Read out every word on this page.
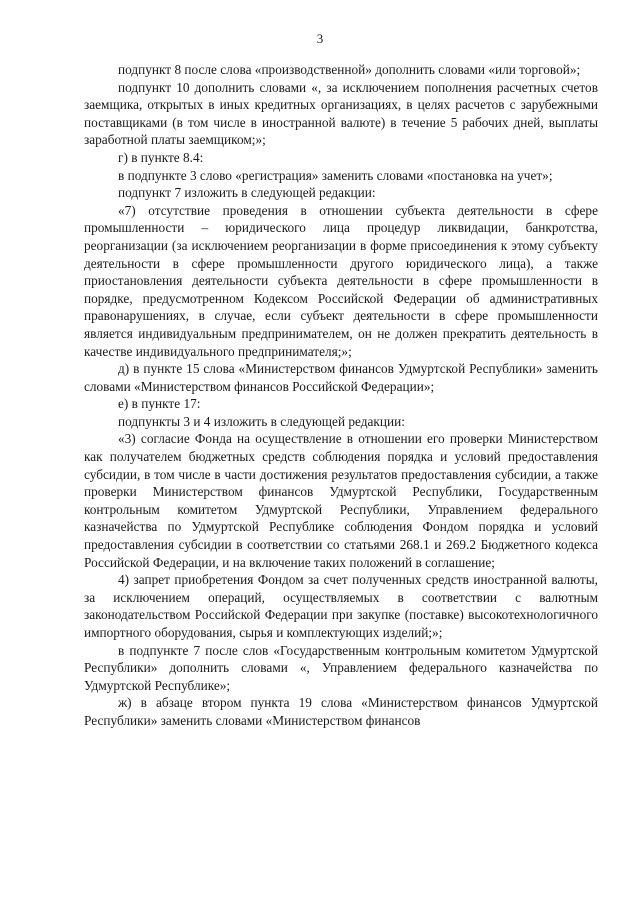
3

подпункт 8 после слова «производственной» дополнить словами «или торговой»;

подпункт 10 дополнить словами «, за исключением пополнения расчетных счетов заемщика, открытых в иных кредитных организациях, в целях расчетов с зарубежными поставщиками (в том числе в иностранной валюте) в течение 5 рабочих дней, выплаты заработной платы заемщиком;»;

г) в пункте 8.4:

в подпункте 3 слово «регистрация» заменить словами «постановка на учет»;

подпункт 7 изложить в следующей редакции:

«7) отсутствие проведения в отношении субъекта деятельности в сфере промышленности – юридического лица процедур ликвидации, банкротства, реорганизации (за исключением реорганизации в форме присоединения к этому субъекту деятельности в сфере промышленности другого юридического лица), а также приостановления деятельности субъекта деятельности в сфере промышленности в порядке, предусмотренном Кодексом Российской Федерации об административных правонарушениях, в случае, если субъект деятельности в сфере промышленности является индивидуальным предпринимателем, он не должен прекратить деятельность в качестве индивидуального предпринимателя;»;

д) в пункте 15 слова «Министерством финансов Удмуртской Республики» заменить словами «Министерством финансов Российской Федерации»;

е) в пункте 17:

подпункты 3 и 4 изложить в следующей редакции:

«3) согласие Фонда на осуществление в отношении его проверки Министерством как получателем бюджетных средств соблюдения порядка и условий предоставления субсидии, в том числе в части достижения результатов предоставления субсидии, а также проверки Министерством финансов Удмуртской Республики, Государственным контрольным комитетом Удмуртской Республики, Управлением федерального казначейства по Удмуртской Республике соблюдения Фондом порядка и условий предоставления субсидии в соответствии со статьями 268.1 и 269.2 Бюджетного кодекса Российской Федерации, и на включение таких положений в соглашение;

4) запрет приобретения Фондом за счет полученных средств иностранной валюты, за исключением операций, осуществляемых в соответствии с валютным законодательством Российской Федерации при закупке (поставке) высокотехнологичного импортного оборудования, сырья и комплектующих изделий;»;

в подпункте 7 после слов «Государственным контрольным комитетом Удмуртской Республики» дополнить словами «, Управлением федерального казначейства по Удмуртской Республике»;

ж) в абзаце втором пункта 19 слова «Министерством финансов Удмуртской Республики» заменить словами «Министерством финансов
